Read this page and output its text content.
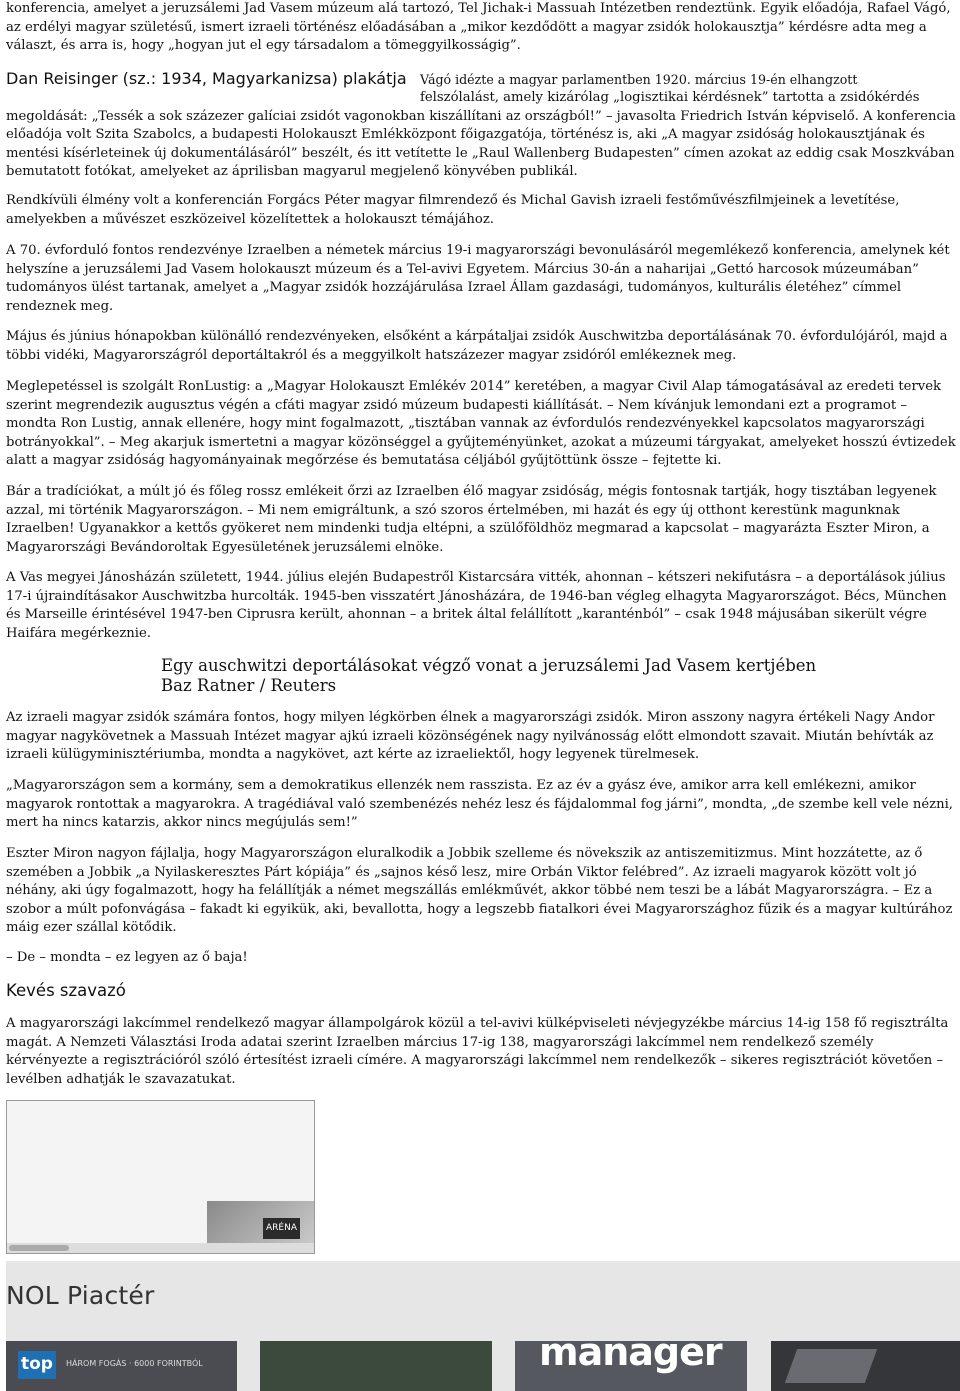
konferencia, amelyet a jeruzsálemi Jad Vasem múzeum alá tartozó, Tel Jichak-i Massuah Intézetben rendeztünk. Egyik előadója, Rafael Vágó, az erdélyi magyar születésű, ismert izraeli történész előadásában a „mikor kezdődött a magyar zsidók holokausztja” kérdésre adta meg a választ, és arra is, hogy „hogyan jut el egy társadalom a tömeggyilkosságig”.

Dan Reisinger (sz.: 1934, Magyarkanizsa) plakátja Vágó idézte a magyar parlamentben 1920. március 19-én elhangzott

felszólalást, amely kizárólag „logisztikai kérdésnek” tartotta a zsidókérdés megoldását: „Tessék a sok százezer galíciai zsidót vagonokban kiszállítani az országból!” – javasolta Friedrich István képviselő. A konferencia előadója volt Szita Szabolcs, a budapesti Holokauszt Emlékközpont főigazgatója, történész is, aki „A magyar zsidóság holokausztjának és mentési kísérleteinek új dokumentálásáról” beszélt, és itt vetítette le „Raul Wallenberg Budapesten” címen azokat az eddig csak Moszkvában bemutatott fotókat, amelyeket az áprilisban magyarul megjelenő könyvében publikál.

Rendkívüli élmény volt a konferencián Forgács Péter magyar filmrendező és Michal Gavish izraeli festőművészfilmjeinek a levetítése, amelyekben a művészet eszközeivel közelítettek a holokauszt témájához.

A 70. évforduló fontos rendezvénye Izraelben a németek március 19-i magyarországi bevonulásáról megemlékező konferencia, amelynek két helyszíne a jeruzsálemi Jad Vasem holokauszt múzeum és a Tel-avivi Egyetem. Március 30-án a naharijai „Gettó harcosok múzeumában” tudományos ülést tartanak, amelyet a „Magyar zsidók hozzájárulása Izrael Állam gazdasági, tudományos, kulturális életéhez” címmel rendeznek meg.

Május és június hónapokban különálló rendezvényeken, elsőként a kárpátaljai zsidók Auschwitzba deportálásának 70. évfordulójáról, majd a többi vidéki, Magyarországról deportáltakról és a meggyilkolt hatszázezer magyar zsidóról emlékeznek meg.

Meglepetéssel is szolgált RonLustig: a „Magyar Holokauszt Emlékév 2014” keretében, a magyar Civil Alap támogatásával az eredeti tervek szerint megrendezik augusztus végén a cfáti magyar zsidó múzeum budapesti kiállítását. – Nem kívánjuk lemondani ezt a programot – mondta Ron Lustig, annak ellenére, hogy mint fogalmazott, „tisztában vannak az évfordulós rendezvényekkel kapcsolatos magyarországi botrányokkal”. – Meg akarjuk ismertetni a magyar közönséggel a gyűjteményünket, azokat a múzeumi tárgyakat, amelyeket hosszú évtizedek alatt a magyar zsidóság hagyományainak megőrzése és bemutatása céljából gyűjtöttünk össze – fejtette ki.

Bár a tradíciókat, a múlt jó és főleg rossz emlékeit őrzi az Izraelben élő magyar zsidóság, mégis fontosnak tartják, hogy tisztában legyenek azzal, mi történik Magyarországon. – Mi nem emigráltunk, a szó szoros értelmében, mi hazát és egy új otthont kerestünk magunknak Izraelben! Ugyanakkor a kettős gyökeret nem mindenki tudja eltépni, a szülőföldhöz megmarad a kapcsolat – magyarázta Eszter Miron, a Magyarországi Bevándoroltak Egyesületének jeruzsálemi elnöke.

A Vas megyei Jánosházán született, 1944. július elején Budapestről Kistarcsára vitték, ahonnan – kétszeri nekifutásra – a deportálások július 17-i újraindításakor Auschwitzba hurcolták. 1945-ben visszatért Jánosházára, de 1946-ban végleg elhagyta Magyarországot. Bécs, München és Marseille érintésével 1947-ben Ciprusra került, ahonnan – a britek által felállított „karanténból” – csak 1948 májusában sikerült végre Haifára megérkeznie.

Egy auschwitzi deportálásokat végző vonat a jeruzsálemi Jad Vasem kertjében
Baz Ratner / Reuters

Az izraeli magyar zsidók számára fontos, hogy milyen légkörben élnek a magyarországi zsidók. Miron asszony nagyra értékeli Nagy Andor magyar nagykövetnek a Massuah Intézet magyar ajkú izraeli közönségének nagy nyilvánosság előtt elmondott szavait. Miután behívták az izraeli külügyminisztériumba, mondta a nagykövet, azt kérte az izraeliektől, hogy legyenek türelmesek.

„Magyarországon sem a kormány, sem a demokratikus ellenzék nem rasszista. Ez az év a gyász éve, amikor arra kell emlékezni, amikor magyarok rontottak a magyarokra. A tragédiával való szembenézés nehéz lesz és fájdalommal fog járni”, mondta, „de szembe kell vele nézni, mert ha nincs katarzis, akkor nincs megújulás sem!”

Eszter Miron nagyon fájlalja, hogy Magyarországon eluralkodik a Jobbik szelleme és növekszik az antiszemitizmus. Mint hozzátette, az ő szemében a Jobbik „a Nyilaskeresztes Párt kópiája” és „sajnos késő lesz, mire Orbán Viktor felébred”. Az izraeli magyarok között volt jó néhány, aki úgy fogalmazott, hogy ha felállítják a német megszállás emlékművét, akkor többé nem teszi be a lábát Magyarországra. – Ez a szobor a múlt pofonvágása – fakadt ki egyikük, aki, bevallotta, hogy a legszebb fiatalkori évei Magyarországhoz fűzik és a magyar kultúrához máig ezer szállal kötődik.

– De – mondta – ez legyen az ő baja!

Kevés szavazó

A magyarországi lakcímmel rendelkező magyar állampolgárok közül a tel-avivi külképviseleti névjegyzékbe március 14-ig 158 fő regisztrálta magát. A Nemzeti Választási Iroda adatai szerint Izraelben március 17-ig 138, magyarországi lakcímmel nem rendelkező személy kérvényezte a regisztrációról szóló értesítést izraeli címére. A magyarországi lakcímmel nem rendelkezők – sikeres regisztrációt követően – levélben adhatják le szavazatukat.

ARÉNA
NOL Piactér
top	HÁROM FOGÁS · 6000 FORINTBÓL	manager
